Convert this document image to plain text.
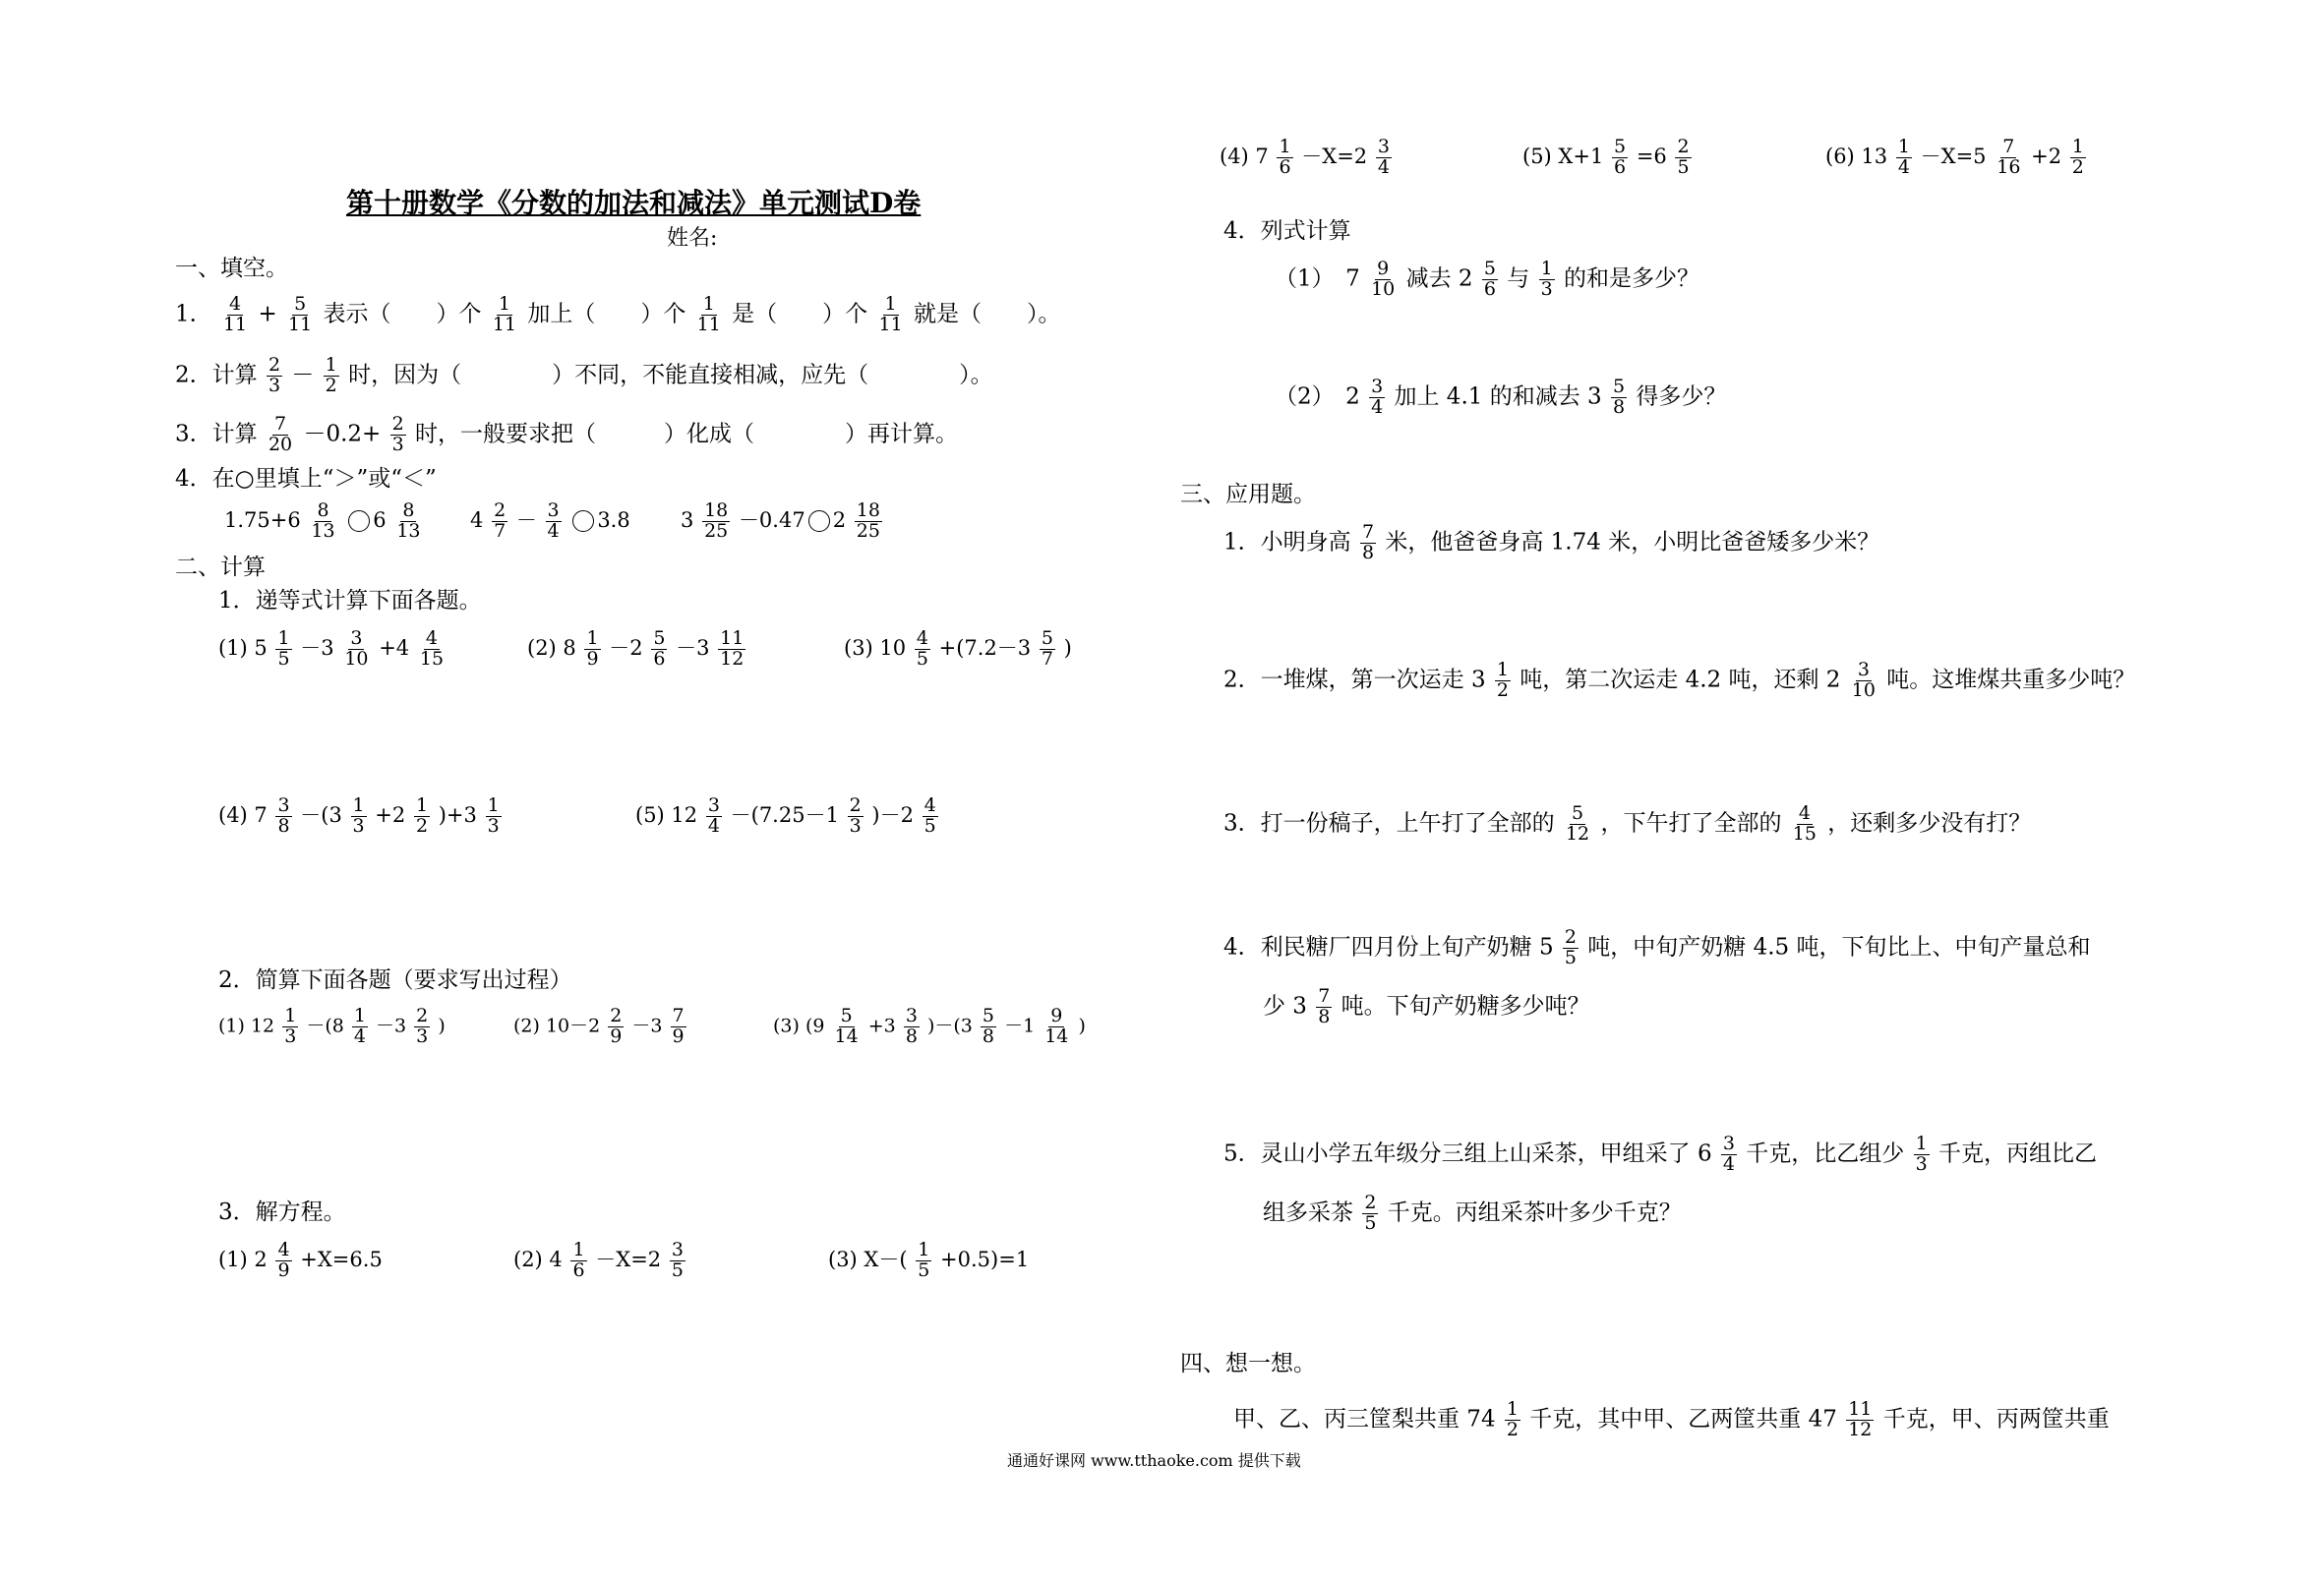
第十册数学《分数的加法和减法》单元测试D卷
姓名:
一、填空。
1． $\frac{4}{11} + \frac{5}{11}$ 表示（　　）个 $\frac{1}{11}$ 加上（　　）个 $\frac{1}{11}$ 是（　　）个 $\frac{1}{11}$ 就是（　　）。
2．计算 $\frac{2}{3} - \frac{1}{2}$ 时，因为（　　　　）不同，不能直接相减，应先（　　　　）。
3．计算 $\frac{7}{20} -0.2+ \frac{2}{3}$ 时，一般要求把（　　　）化成（　　　　）再计算。
4．在○里填上“＞”或“＜”
$1.75+6 \frac{8}{13} 6 \frac{8}{13} 4 \frac{2}{7} - \frac{3}{4} 3.8$ $3 \frac{18}{25} -0.47$ $2 \frac{18}{25}$
二、计算
1．递等式计算下面各题。
(1) $5 \frac{1}{5} -3 \frac{3}{10} +4 \frac{4}{15}$	(2) $8 \frac{1}{9} -2 \frac{5}{6} -3 \frac{11}{12}$	(3) $10 \frac{4}{5} +(7.2-3 \frac{5}{7}$ )
(4) $7 \frac{3}{8} -(3 \frac{1}{3} +2 \frac{1}{2} )+3 \frac{1}{3}$	(5) $12 \frac{3}{4} -(7.25-1 \frac{2}{3} )-2 \frac{4}{5}$
2．简算下面各题（要求写出过程）
(1) $12 \frac{1}{3} -(8 \frac{1}{4} -3 \frac{2}{3}$ )	(2) $10-2 \frac{2}{9} -3 \frac{7}{9}$	(3) $(9 \frac{5}{14} +3 \frac{3}{8} )-(3 \frac{5}{8} -1 \frac{9}{14}$ )
3．解方程。
(1) $2 \frac{4}{9} +X=6.5$	(2) $4 \frac{1}{6} -X=2 \frac{3}{5}$	(3) $X-( \frac{1}{5} +0.5)=1$
(4) $7 \frac{1}{6} -X=2 \frac{3}{4}$	(5) $X+1 \frac{5}{6} =6 \frac{2}{5}$	(6) $13 \frac{1}{4} -X=5 \frac{7}{16} +2 \frac{1}{2}$
4．列式计算
（1）　$7 \frac{9}{10}$ 减去 $2 \frac{5}{6}$ 与 $\frac{1}{3}$ 的和是多少？
（2）　$2 \frac{3}{4}$ 加上 4.1 的和减去 $3 \frac{5}{8}$ 得多少？
三、应用题。
1．小明身高 $\frac{7}{8}$ 米，他爸爸身高 1.74 米，小明比爸爸矮多少米？
2．一堆煤，第一次运走 $3 \frac{1}{2}$ 吨，第二次运走 4.2 吨，还剩 $2 \frac{3}{10}$ 吨。这堆煤共重多少吨？
3．打一份稿子，上午打了全部的 $\frac{5}{12}$ ，下午打了全部的 $\frac{4}{15}$ ，还剩多少没有打？
4．利民糖厂四月份上旬产奶糖 $5 \frac{2}{5}$ 吨，中旬产奶糖 4.5 吨，下旬比上、中旬产量总和
少 $3 \frac{7}{8}$ 吨。下旬产奶糖多少吨？
5．灵山小学五年级分三组上山采茶，甲组采了 $6 \frac{3}{4}$ 千克，比乙组少 $\frac{1}{3}$ 千克，丙组比乙
组多采茶 $\frac{2}{5}$ 千克。丙组采茶叶多少千克？
四、想一想。
甲、乙、丙三筐梨共重 $74 \frac{1}{2}$ 千克，其中甲、乙两筐共重 $47 \frac{11}{12}$ 千克，甲、丙两筐共重
通通好课网 www.tthaoke.com 提供下载
